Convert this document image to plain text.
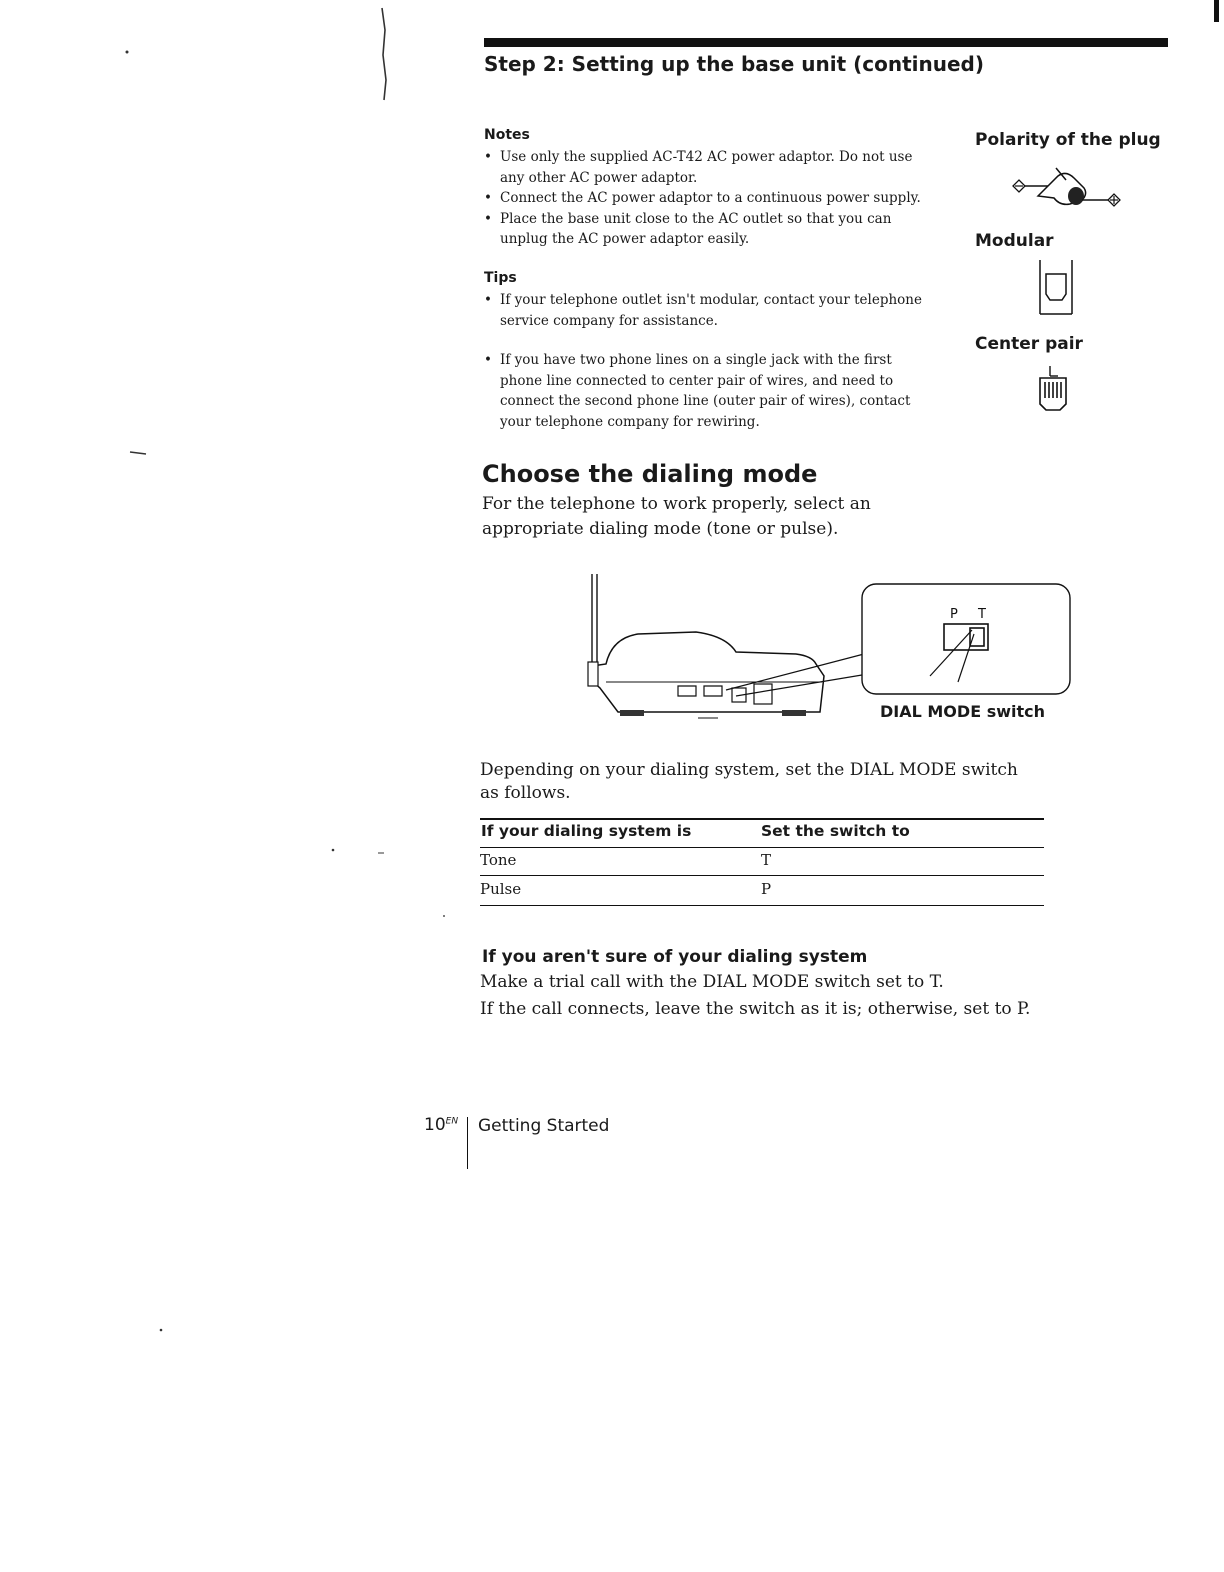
Step 2: Setting up the base unit (continued)
Notes
• Use only the supplied AC-T42 AC power adaptor. Do not use any other AC power adaptor.
• Connect the AC power adaptor to a continuous power supply.
• Place the base unit close to the AC outlet so that you can unplug the AC power adaptor easily.
Tips
• If your telephone outlet isn't modular, contact your telephone service company for assistance.
• If you have two phone lines on a single jack with the first phone line connected to center pair of wires, and need to connect the second phone line (outer pair of wires), contact your telephone company for rewiring.
Polarity of the plug
Modular
Center pair
Choose the dialing mode
For the telephone to work properly, select an appropriate dialing mode (tone or pulse).
P T
DIAL MODE switch
Depending on your dialing system, set the DIAL MODE switch as follows.
If your dialing system is	Set the switch to
Tone	T
Pulse	P
If you aren't sure of your dialing system
Make a trial call with the DIAL MODE switch set to T.
If the call connects, leave the switch as it is; otherwise, set to P.
$10^{EN}$ Getting Started
